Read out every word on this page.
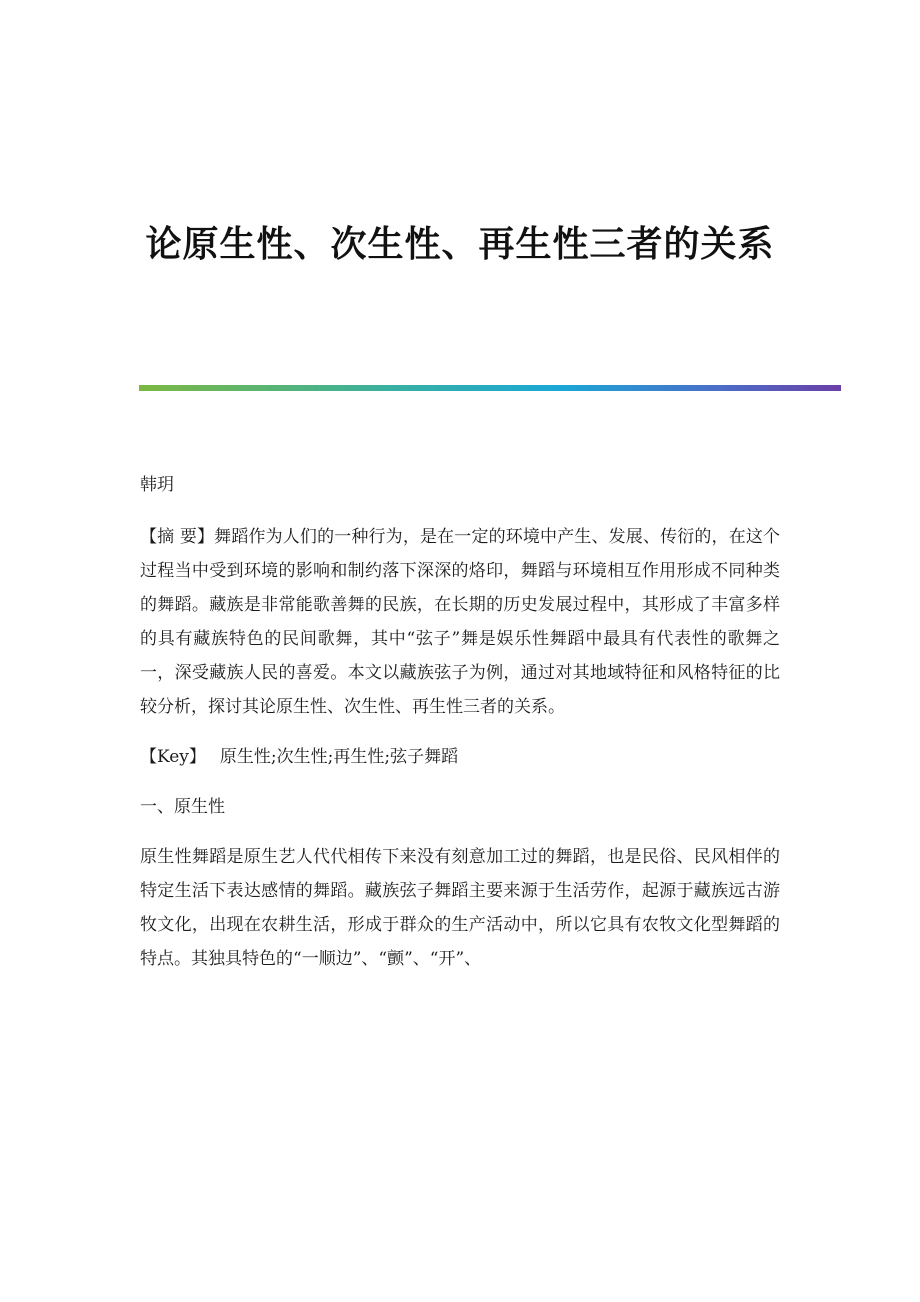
论原生性、次生性、再生性三者的关系
韩玥
【摘 要】舞蹈作为人们的一种行为，是在一定的环境中产生、发展、传衍的，在这个过程当中受到环境的影响和制约落下深深的烙印，舞蹈与环境相互作用形成不同种类的舞蹈。藏族是非常能歌善舞的民族，在长期的历史发展过程中，其形成了丰富多样的具有藏族特色的民间歌舞，其中“弦子”舞是娱乐性舞蹈中最具有代表性的歌舞之一，深受藏族人民的喜爱。本文以藏族弦子为例，通过对其地域特征和风格特征的比较分析，探讨其论原生性、次生性、再生性三者的关系。
【Key】 原生性;次生性;再生性;弦子舞蹈
一、原生性
原生性舞蹈是原生艺人代代相传下来没有刻意加工过的舞蹈，也是民俗、民风相伴的特定生活下表达感情的舞蹈。藏族弦子舞蹈主要来源于生活劳作，起源于藏族远古游牧文化，出现在农耕生活，形成于群众的生产活动中，所以它具有农牧文化型舞蹈的特点。其独具特色的“一顺边”、“颤”、“开”、
